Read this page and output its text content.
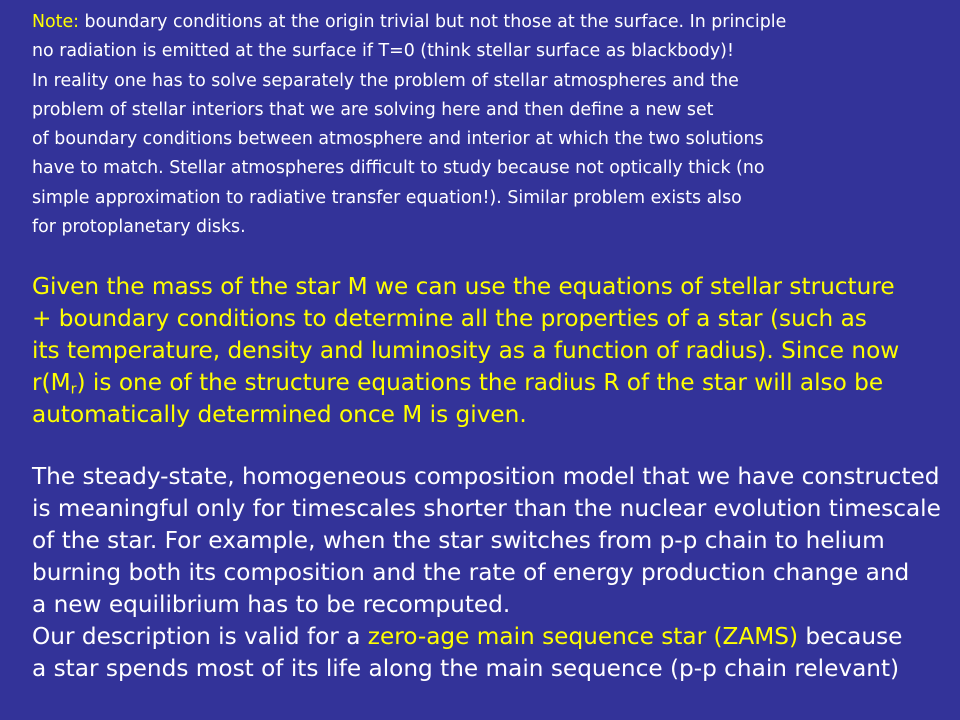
Note: boundary conditions at the origin trivial but not those at the surface. In principle
no radiation is emitted at the surface if T=0 (think stellar surface as blackbody)!
In reality one has to solve separately the problem of stellar atmospheres and the
problem of stellar interiors that we are solving here and then define a new set
of boundary conditions between atmosphere and interior at which the two solutions
have to match. Stellar atmospheres difficult to study because not optically thick (no
simple approximation to radiative transfer equation!). Similar problem exists also
for protoplanetary disks.

Given the mass of the star M we can use the equations of stellar structure
+ boundary conditions to determine all the properties of a star (such as
its temperature, density and luminosity as a function of radius). Since now
$r(M_r)$ is one of the structure equations the radius R of the star will also be
automatically determined once M is given.

The steady-state, homogeneous composition model that we have constructed
is meaningful only for timescales shorter than the nuclear evolution timescale
of the star. For example, when the star switches from p-p chain to helium
burning both its composition and the rate of energy production change and
a new equilibrium has to be recomputed.
Our description is valid for a zero-age main sequence star (ZAMS) because
a star spends most of its life along the main sequence (p-p chain relevant)
